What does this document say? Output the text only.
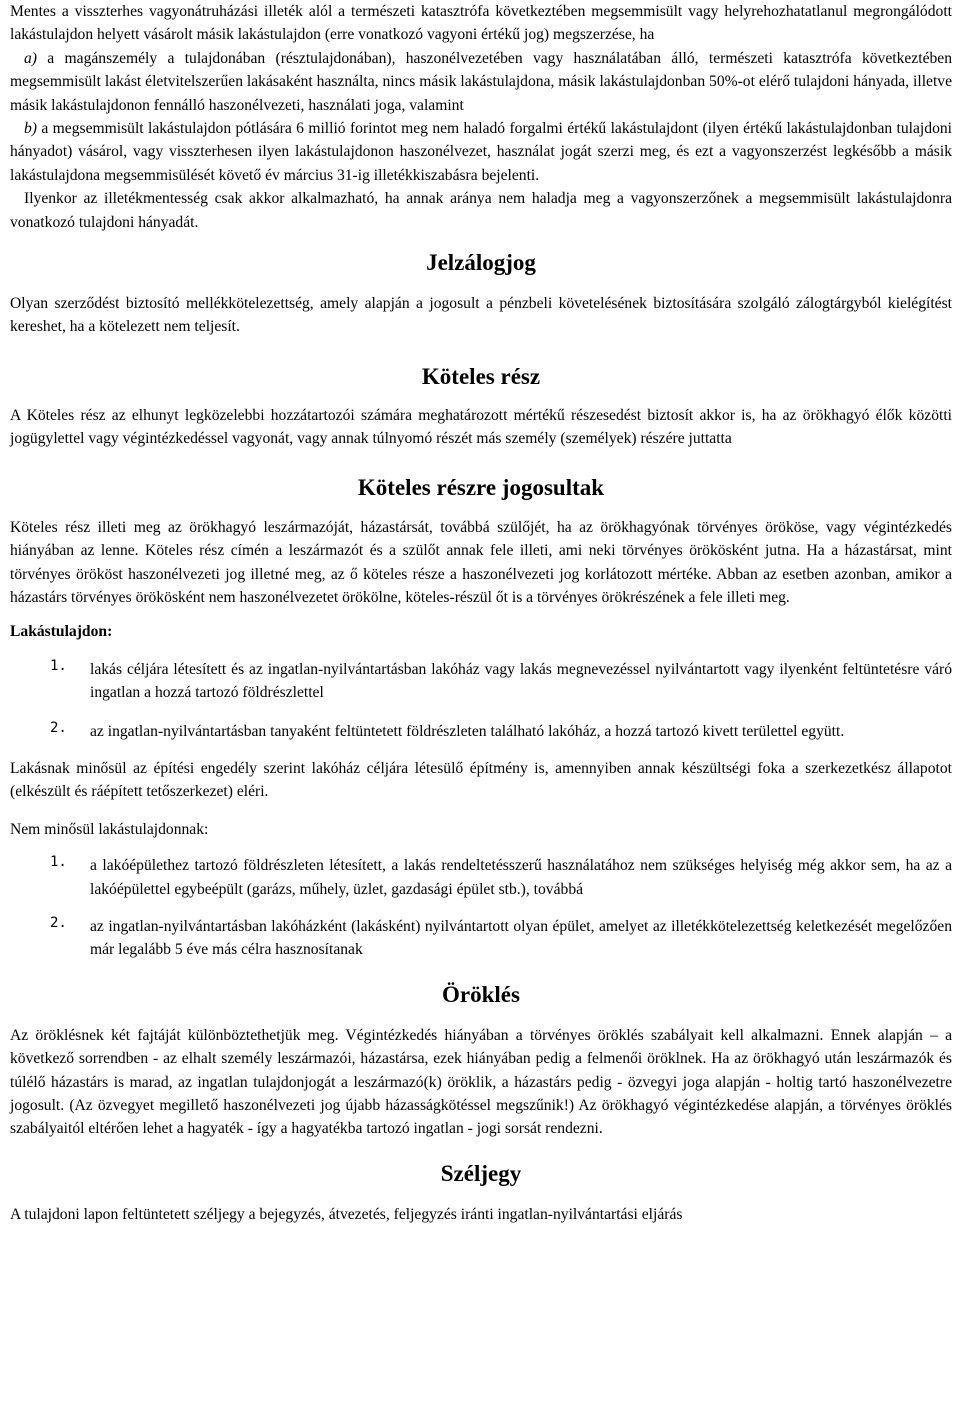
Mentes a visszterhes vagyonátruházási illeték alól a természeti katasztrófa következtében megsemmisült vagy helyrehozhatatlanul megrongálódott lakástulajdon helyett vásárolt másik lakástulajdon (erre vonatkozó vagyoni értékű jog) megszerzése, ha

a) a magánszemély a tulajdonában (résztulajdonában), haszonélvezetében vagy használatában álló, természeti katasztrófa következtében megsemmisült lakást életvitelszerűen lakásaként használta, nincs másik lakástulajdona, másik lakástulajdonban 50%-ot elérő tulajdoni hányada, illetve másik lakástulajdonon fennálló haszonélvezeti, használati joga, valamint

b) a megsemmisült lakástulajdon pótlására 6 millió forintot meg nem haladó forgalmi értékű lakástulajdont (ilyen értékű lakástulajdonban tulajdoni hányadot) vásárol, vagy visszterhesen ilyen lakástulajdonon haszonélvezet, használat jogát szerzi meg, és ezt a vagyonszerzést legkésőbb a másik lakástulajdona megsemmisülését követő év március 31-ig illetékkiszabásra bejelenti.

Ilyenkor az illetékmentesség csak akkor alkalmazható, ha annak aránya nem haladja meg a vagyonszerzőnek a megsemmisült lakástulajdonra vonatkozó tulajdoni hányadát.

Jelzálogjog

Olyan szerződést biztosító mellékkötelezettség, amely alapján a jogosult a pénzbeli követelésének biztosítására szolgáló zálogtárgyból kielégítést kereshet, ha a kötelezett nem teljesít.

Köteles rész

A Köteles rész az elhunyt legközelebbi hozzátartozói számára meghatározott mértékű részesedést biztosít akkor is, ha az örökhagyó élők közötti jogügylettel vagy végintézkedéssel vagyonát, vagy annak túlnyomó részét más személy (személyek) részére juttatta

Köteles részre jogosultak

Köteles rész illeti meg az örökhagyó leszármazóját, házastársát, továbbá szülőjét, ha az örökhagyónak törvényes örököse, vagy végintézkedés hiányában az lenne. Köteles rész címén a leszármazót és a szülőt annak fele illeti, ami neki törvényes örökösként jutna. Ha a házastársat, mint törvényes örököst haszonélvezeti jog illetné meg, az ő köteles része a haszonélvezeti jog korlátozott mértéke. Abban az esetben azonban, amikor a házastárs törvényes örökösként nem haszonélvezetet örökölne, köteles-részül őt is a törvényes örökrészének a fele illeti meg.

Lakástulajdon:
1.	lakás céljára létesített és az ingatlan-nyilvántartásban lakóház vagy lakás megnevezéssel nyilvántartott vagy ilyenként feltüntetésre váró ingatlan a hozzá tartozó földrészlettel

2.	az ingatlan-nyilvántartásban tanyaként feltüntetett földrészleten található lakóház, a hozzá tartozó kivett területtel együtt.

Lakásnak minősül az építési engedély szerint lakóház céljára létesülő építmény is, amennyiben annak készültségi foka a szerkezetkész állapotot (elkészült és ráépített tetőszerkezet) eléri.

Nem minősül lakástulajdonnak:

1.	a lakóépülethez tartozó földrészleten létesített, a lakás rendeltetésszerű használatához nem szükséges helyiség még akkor sem, ha az a lakóépülettel egybeépült (garázs, műhely, üzlet, gazdasági épület stb.), továbbá

2.	az ingatlan-nyilvántartásban lakóházként (lakásként) nyilvántartott olyan épület, amelyet az illetékkötelezettség keletkezését megelőzően már legalább 5 éve más célra hasznosítanak

Öröklés

Az öröklésnek két fajtáját különböztethetjük meg. Végintézkedés hiányában a törvényes öröklés szabályait kell alkalmazni. Ennek alapján – a következő sorrendben - az elhalt személy leszármazói, házastársa, ezek hiányában pedig a felmenői öröklnek. Ha az örökhagyó után leszármazók és túlélő házastárs is marad, az ingatlan tulajdonjogát a leszármazó(k) öröklik, a házastárs pedig - özvegyi joga alapján - holtig tartó haszonélvezetre jogosult. (Az özvegyet megillető haszonélvezeti jog újabb házasságkötéssel megszűnik!) Az örökhagyó végintézkedése alapján, a törvényes öröklés szabályaitól eltérően lehet a hagyaték - így a hagyatékba tartozó ingatlan - jogi sorsát rendezni.

Széljegy

A tulajdoni lapon feltüntetett széljegy a bejegyzés, átvezetés, feljegyzés iránti ingatlan-nyilvántartási eljárás
